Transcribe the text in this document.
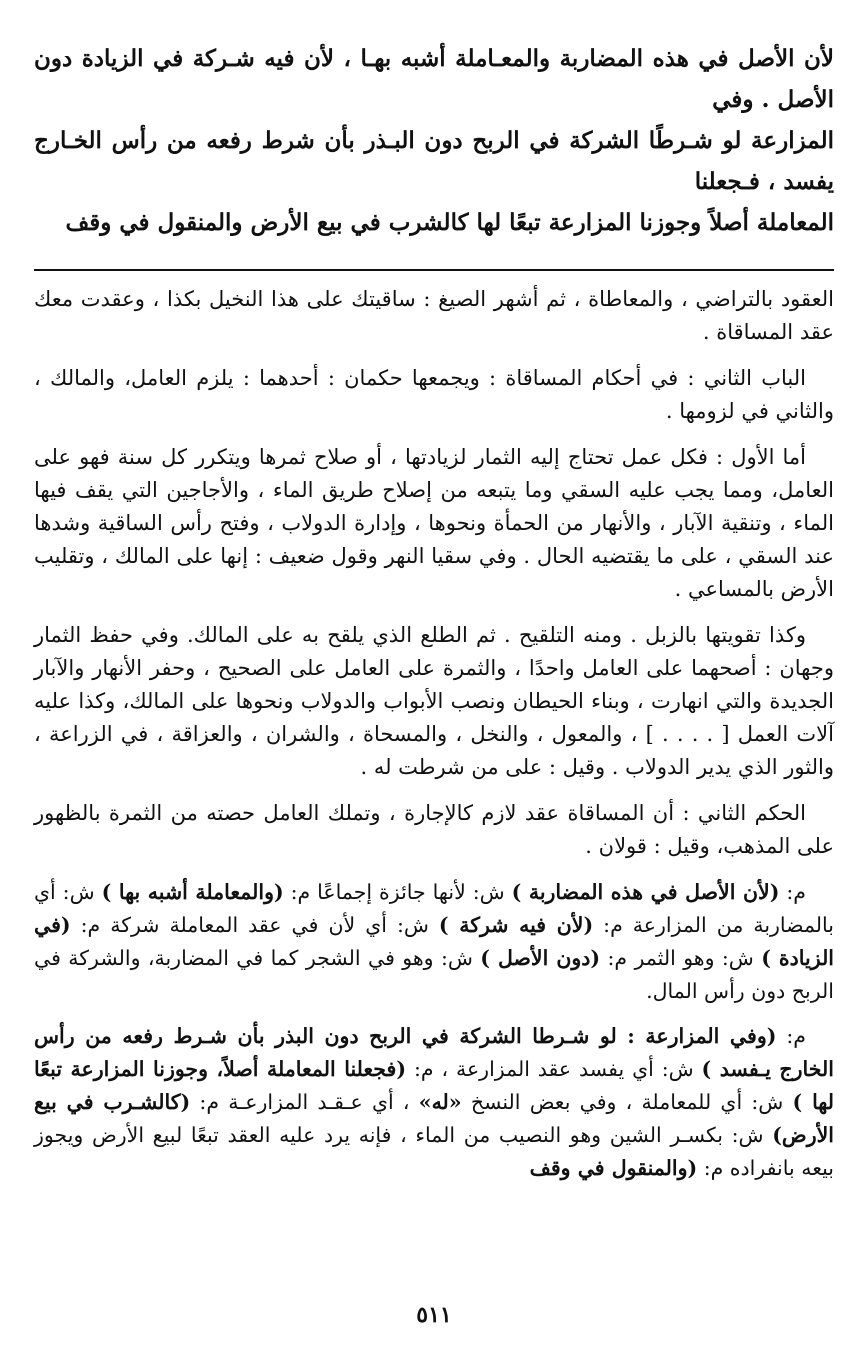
لأن الأصل في هذه المضاربة والمعـاملة أشبه بهـا ، لأن فيه شـركة في الزيادة دون الأصل . وفي
المزارعة لو شـرطًا الشركة في الربح دون البـذر بأن شرط رفعه من رأس الخـارج يفسد ، فـجعلنا
المعاملة أصلاً وجوزنا المزارعة تبعًا لها كالشرب في بيع الأرض والمنقول في وقف

العقود بالتراضي ، والمعاطاة ، ثم أشهر الصيغ : ساقيتك على هذا النخيل بكذا ، وعقدت معك عقد المساقاة .

الباب الثاني : في أحكام المساقاة : ويجمعها حكمان : أحدهما : يلزم العامل، والمالك ، والثاني في لزومها .

أما الأول : فكل عمل تحتاج إليه الثمار لزيادتها ، أو صلاح ثمرها ويتكرر كل سنة فهو على العامل، ومما يجب عليه السقي وما يتبعه من إصلاح طريق الماء ، والأجاجين التي يقف فيها الماء ، وتنقية الآبار ، والأنهار من الحمأة ونحوها ، وإدارة الدولاب ، وفتح رأس الساقية وشدها عند السقي ، على ما يقتضيه الحال . وفي سقيا النهر وقول ضعيف : إنها على المالك ، وتقليب الأرض بالمساعي .

وكذا تقويتها بالزبل . ومنه التلقيح . ثم الطلع الذي يلقح به على المالك. وفي حفظ الثمار وجهان : أصحهما على العامل واحدًا ، والثمرة على العامل على الصحيح ، وحفر الأنهار والآبار الجديدة والتي انهارت ، وبناء الحيطان ونصب الأبواب والدولاب ونحوها على المالك، وكذا عليه آلات العمل [ . . . . ] ، والمعول ، والنخل ، والمسحاة ، والشران ، والعزاقة ، في الزراعة ، والثور الذي يدير الدولاب . وقيل : على من شرطت له .

الحكم الثاني : أن المساقاة عقد لازم كالإجارة ، وتملك العامل حصته من الثمرة بالظهور على المذهب، وقيل : قولان .

م: (لأن الأصل في هذه المضاربة ) ش: لأنها جائزة إجماعًا م: (والمعاملة أشبه بها ) ش: أي بالمضاربة من المزارعة م: (لأن فيه شركة ) ش: أي لأن في عقد المعاملة شركة م: (في الزيادة ) ش: وهو الثمر م: (دون الأصل ) ش: وهو في الشجر كما في المضاربة، والشركة في الربح دون رأس المال.

م: (وفي المزارعة : لو شـرطا الشركة في الربح دون البذر بأن شـرط رفعه من رأس الخارج يـفسد ) ش: أي يفسد عقد المزارعة ، م: (فجعلنا المعاملة أصلاً، وجوزنا المزارعة تبعًا لها ) ش: أي للمعاملة ، وفي بعض النسخ «له» ، أي عـقـد المزارعـة م: (كالشـرب في بيع الأرض) ش: بكسـر الشين وهو النصيب من الماء ، فإنه يرد عليه العقد تبعًا لبيع الأرض ويجوز بيعه بانفراده م: (والمنقول في وقف

٥١١
